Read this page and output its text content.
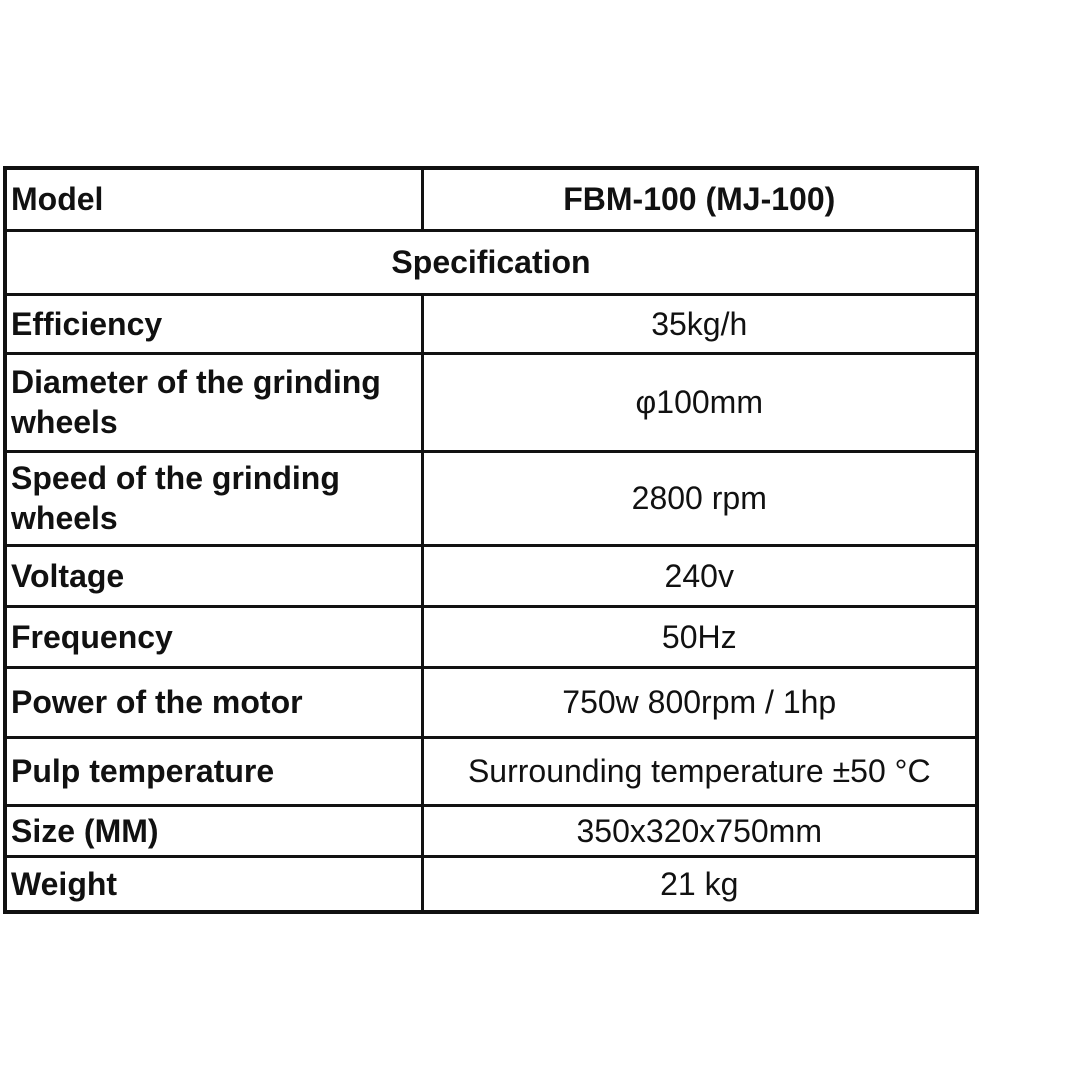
Model	FBM-100 (MJ-100)
Specification	
Efficiency	35kg/h
Diameter of the grinding wheels	φ100mm
Speed of the grinding wheels	2800 rpm
Voltage	240v
Frequency	50Hz
Power of the motor	750w 800rpm / 1hp
Pulp temperature	Surrounding temperature ±50 °C
Size (MM)	350x320x750mm
Weight	21 kg
